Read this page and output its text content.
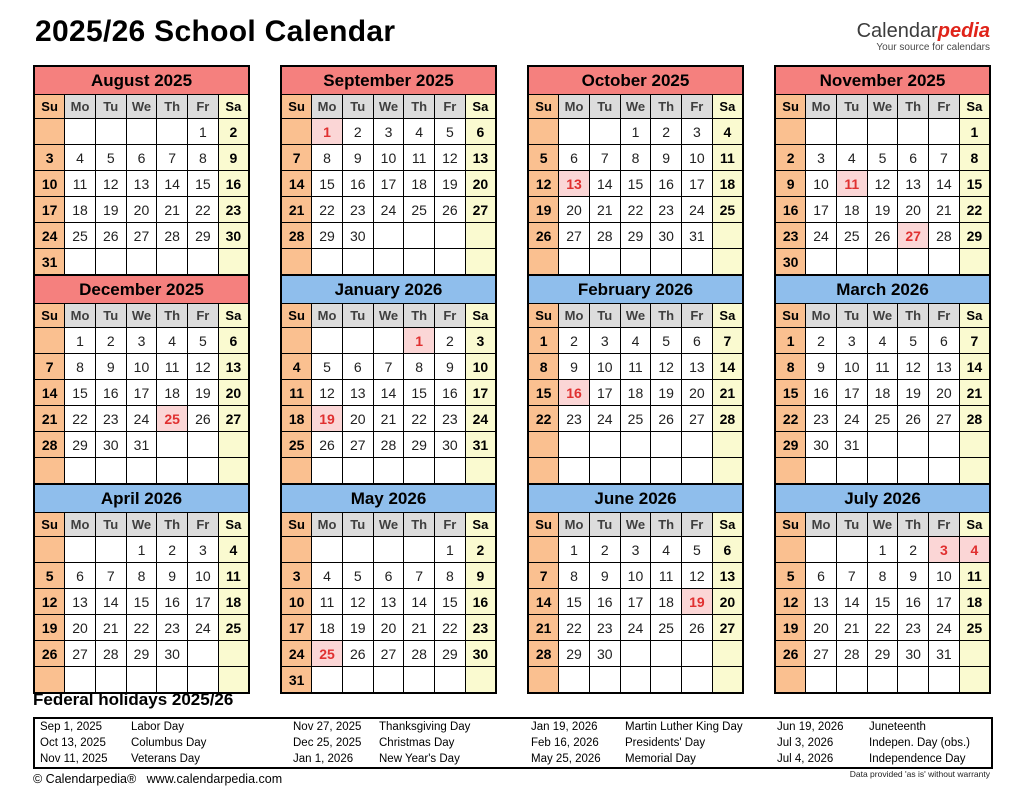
2025/26 School Calendar	Calendarpedia
Your source for calendars
August 2025						
Su	Mo	Tu	We	Th	Fr	Sa
					1	2
3	4	5	6	7	8	9
10	11	12	13	14	15	16
17	18	19	20	21	22	23
24	25	26	27	28	29	30
31						
September 2025						
Su	Mo	Tu	We	Th	Fr	Sa
	1	2	3	4	5	6
7	8	9	10	11	12	13
14	15	16	17	18	19	20
21	22	23	24	25	26	27
28	29	30				

October 2025						
Su	Mo	Tu	We	Th	Fr	Sa
			1	2	3	4
5	6	7	8	9	10	11
12	13	14	15	16	17	18
19	20	21	22	23	24	25
26	27	28	29	30	31	

November 2025						
Su	Mo	Tu	We	Th	Fr	Sa
						1
2	3	4	5	6	7	8
9	10	11	12	13	14	15
16	17	18	19	20	21	22
23	24	25	26	27	28	29
30						
December 2025						
Su	Mo	Tu	We	Th	Fr	Sa
	1	2	3	4	5	6
7	8	9	10	11	12	13
14	15	16	17	18	19	20
21	22	23	24	25	26	27
28	29	30	31			

January 2026						
Su	Mo	Tu	We	Th	Fr	Sa
				1	2	3
4	5	6	7	8	9	10
11	12	13	14	15	16	17
18	19	20	21	22	23	24
25	26	27	28	29	30	31

February 2026						
Su	Mo	Tu	We	Th	Fr	Sa
1	2	3	4	5	6	7
8	9	10	11	12	13	14
15	16	17	18	19	20	21
22	23	24	25	26	27	28

March 2026						
Su	Mo	Tu	We	Th	Fr	Sa
1	2	3	4	5	6	7
8	9	10	11	12	13	14
15	16	17	18	19	20	21
22	23	24	25	26	27	28
29	30	31				

April 2026						
Su	Mo	Tu	We	Th	Fr	Sa
			1	2	3	4
5	6	7	8	9	10	11
12	13	14	15	16	17	18
19	20	21	22	23	24	25
26	27	28	29	30		

May 2026						
Su	Mo	Tu	We	Th	Fr	Sa
					1	2
3	4	5	6	7	8	9
10	11	12	13	14	15	16
17	18	19	20	21	22	23
24	25	26	27	28	29	30
31						
June 2026						
Su	Mo	Tu	We	Th	Fr	Sa
	1	2	3	4	5	6
7	8	9	10	11	12	13
14	15	16	17	18	19	20
21	22	23	24	25	26	27
28	29	30				

July 2026						
Su	Mo	Tu	We	Th	Fr	Sa
			1	2	3	4
5	6	7	8	9	10	11
12	13	14	15	16	17	18
19	20	21	22	23	24	25
26	27	28	29	30	31	

Federal holidays 2025/26
Sep 1, 2025	Labor Day	Nov 27, 2025	Thanksgiving Day	Jan 19, 2026	Martin Luther King Day	Jun 19, 2026	Juneteenth
Oct 13, 2025	Columbus Day	Dec 25, 2025	Christmas Day	Feb 16, 2026	Presidents' Day	Jul 3, 2026	Indepen. Day (obs.)
Nov 11, 2025	Veterans Day	Jan 1, 2026	New Year's Day	May 25, 2026	Memorial Day	Jul 4, 2026	Independence Day
© Calendarpedia® www.calendarpedia.com	Data provided 'as is' without warranty
